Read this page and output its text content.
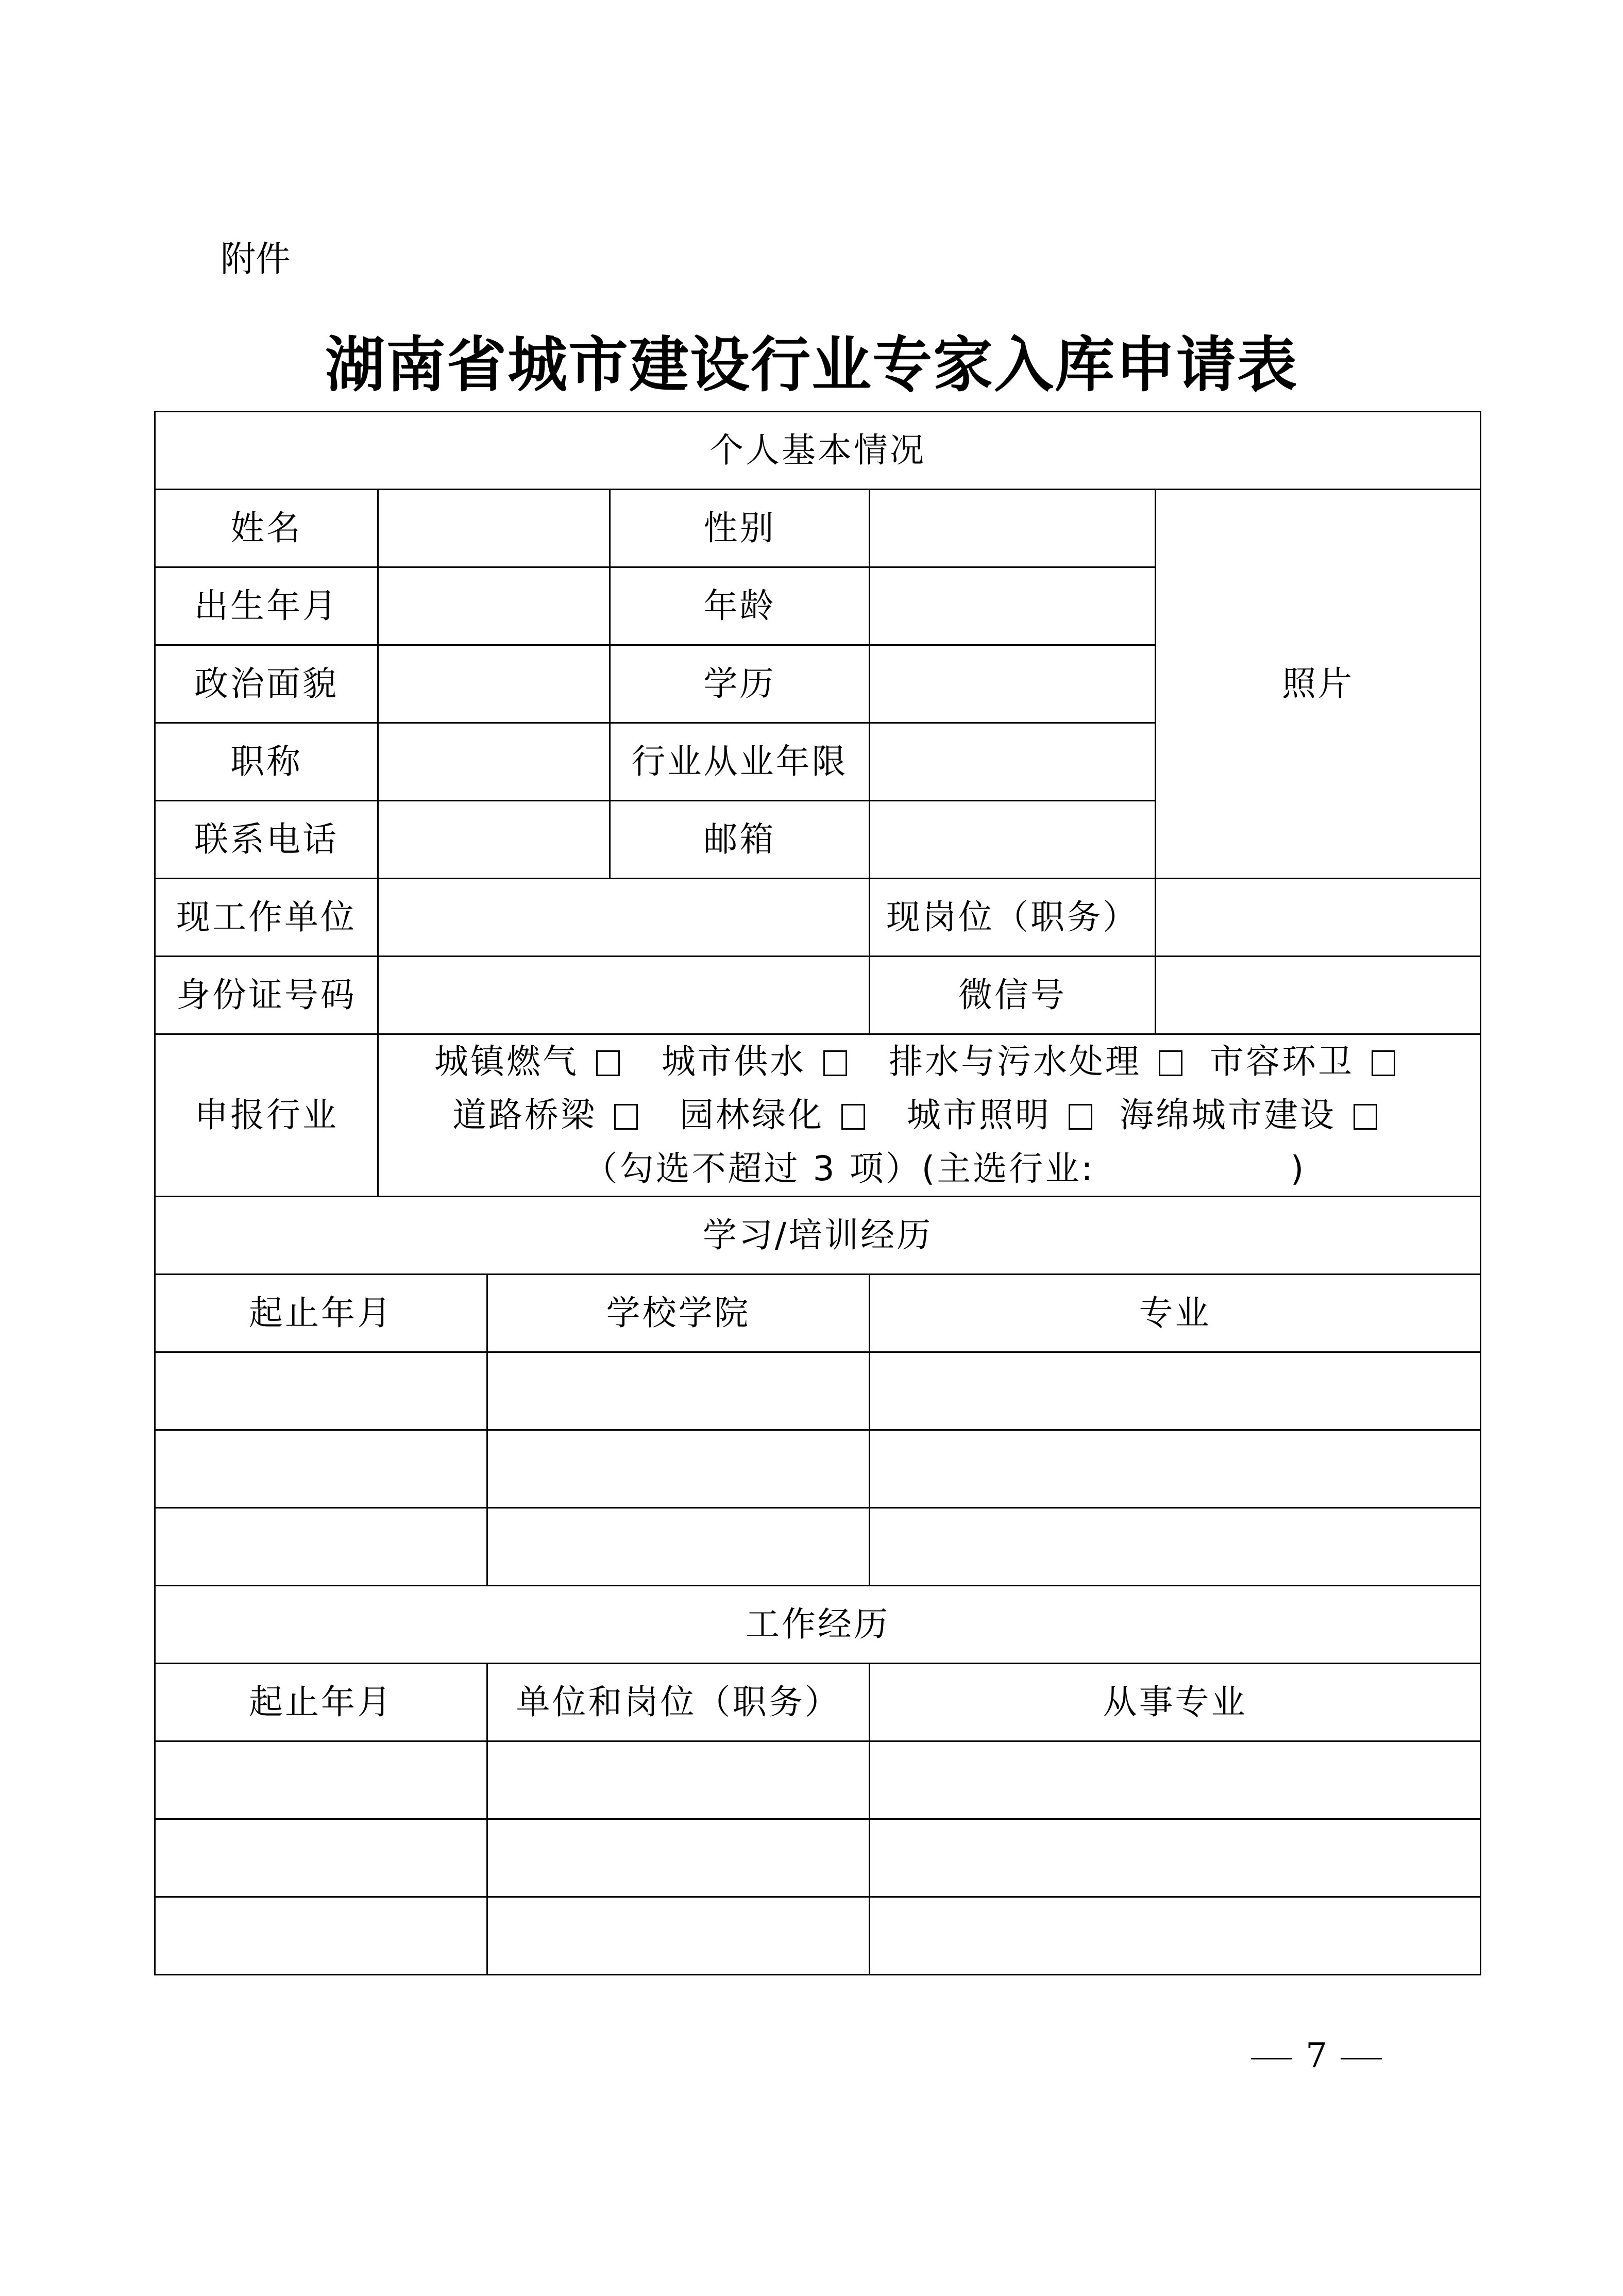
附件
湖南省城市建设行业专家入库申请表
个人基本情况					
姓名			性别		照片
出生年月			年龄		
政治面貌			学历		
职称			行业从业年限		
联系电话			邮箱		
现工作单位				现岗位（职务）	
身份证号码				微信号	
申报行业	城镇燃气 城市供水 排水与污水处理 市容环卫
道路桥梁 园林绿化 城市照明 海绵城市建设
（勾选不超过 3 项）(主选行业: )				

学习/培训经历					
起止年月		学校学院		专业	

工作经历					
起止年月		单位和岗位（职务）		从事专业	

7
